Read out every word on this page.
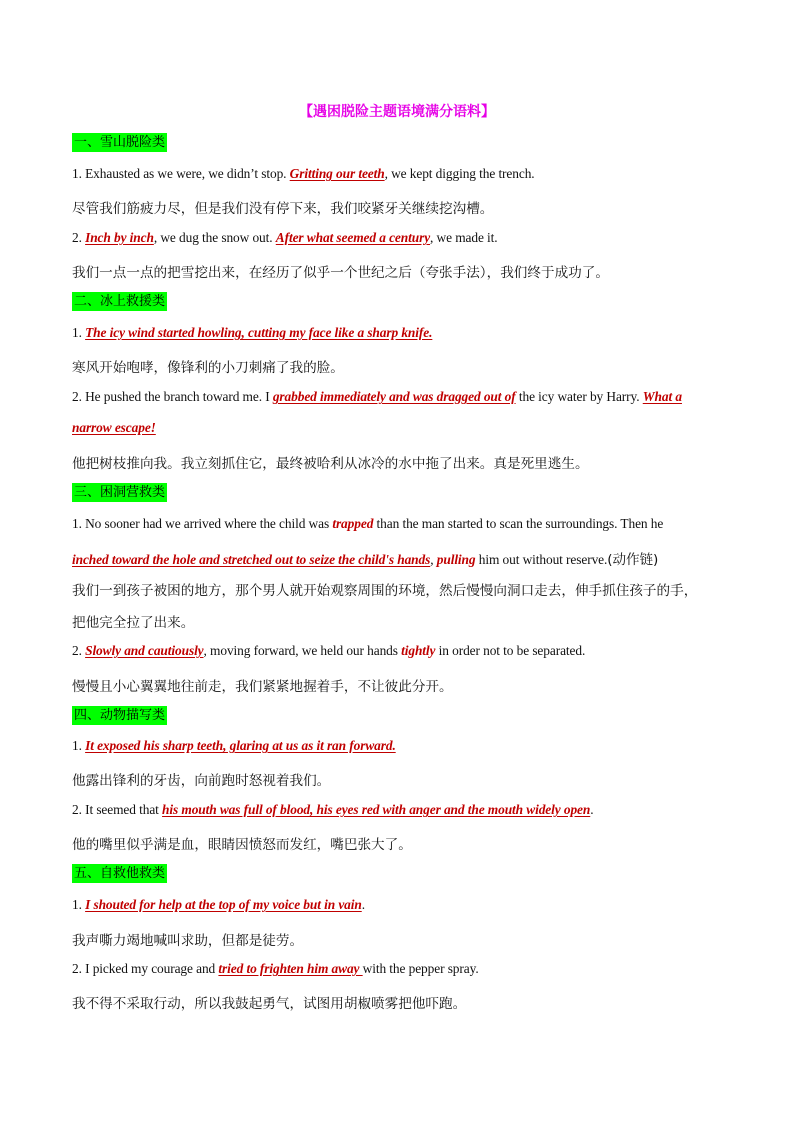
【遇困脱险主题语境满分语料】
一、雪山脱险类
1. Exhausted as we were, we didn’t stop. Gritting our teeth, we kept digging the trench.
尽管我们筋疲力尽，但是我们没有停下来，我们咬紧牙关继续挖沟槽。
2. Inch by inch, we dug the snow out. After what seemed a century, we made it.
我们一点一点的把雪挖出来，在经历了似乎一个世纪之后（夸张手法），我们终于成功了。
二、冰上救援类
1. The icy wind started howling, cutting my face like a sharp knife.
寒风开始咆哮，像锋利的小刀刺痛了我的脸。
2. He pushed the branch toward me. I grabbed immediately and was dragged out of the icy water by Harry. What a
narrow escape!
他把树枝推向我。我立刻抓住它，最终被哈利从冰冷的水中拖了出来。真是死里逃生。
三、困洞营救类
1. No sooner had we arrived where the child was trapped than the man started to scan the surroundings. Then he
inched toward the hole and stretched out to seize the child's hands, pulling him out without reserve.(动作链)
我们一到孩子被困的地方，那个男人就开始观察周围的环境，然后慢慢向洞口走去，伸手抓住孩子的手，
把他完全拉了出来。
2. Slowly and cautiously, moving forward, we held our hands tightly in order not to be separated.
慢慢且小心翼翼地往前走，我们紧紧地握着手，不让彼此分开。
四、动物描写类
1. It exposed his sharp teeth, glaring at us as it ran forward.
他露出锋利的牙齿，向前跑时怒视着我们。
2. It seemed that his mouth was full of blood, his eyes red with anger and the mouth widely open.
他的嘴里似乎满是血，眼睛因愤怒而发红，嘴巴张大了。
五、自救他救类
1. I shouted for help at the top of my voice but in vain.
我声嘶力竭地喊叫求助，但都是徒劳。
2. I picked my courage and tried to frighten him away with the pepper spray.
我不得不采取行动，所以我鼓起勇气，试图用胡椒喷雾把他吓跑。
